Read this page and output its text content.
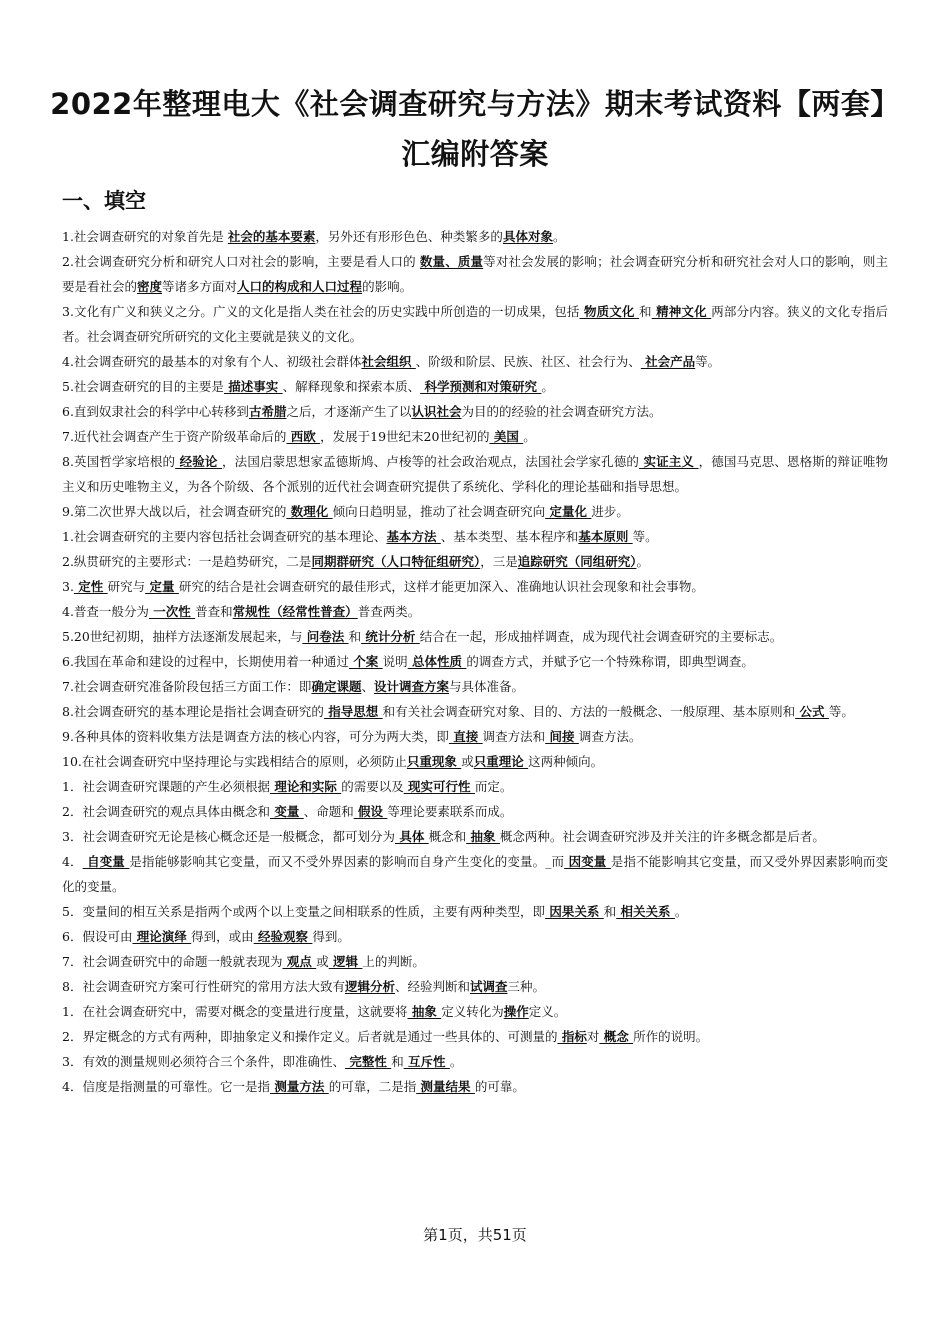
2022年整理电大《社会调查研究与方法》期末考试资料【两套】
汇编附答案
一、填空

1.社会调查研究的对象首先是 社会的基本要素，另外还有形形色色、种类繁多的具体对象。

2.社会调查研究分析和研究人口对社会的影响，主要是看人口的 数量、质量等对社会发展的影响；社会调查研究分析和研究社会对人口的影响，则主要是看社会的密度等诸多方面对人口的构成和人口过程的影响。

3.文化有广义和狭义之分。广义的文化是指人类在社会的历史实践中所创造的一切成果，包括 物质文化 和 精神文化 两部分内容。狭义的文化专指后者。社会调查研究所研究的文化主要就是狭义的文化。

4.社会调查研究的最基本的对象有个人、初级社会群体社会组织 、阶级和阶层、民族、社区、社会行为、 社会产品等。

5.社会调查研究的目的主要是 描述事实 、解释现象和探索本质、 科学预测和对策研究 。

6.直到奴隶社会的科学中心转移到古希腊之后，才逐渐产生了以认识社会为目的的经验的社会调查研究方法。

7.近代社会调查产生于资产阶级革命后的 西欧 ，发展于19世纪末20世纪初的 美国 。

8.英国哲学家培根的 经验论 ，法国启蒙思想家孟德斯鸠、卢梭等的社会政治观点，法国社会学家孔德的 实证主义 ，德国马克思、恩格斯的辩证唯物主义和历史唯物主义，为各个阶级、各个派别的近代社会调查研究提供了系统化、学科化的理论基础和指导思想。

9.第二次世界大战以后，社会调查研究的 数理化 倾向日趋明显，推动了社会调查研究向 定量化 进步。

1.社会调查研究的主要内容包括社会调查研究的基本理论、基本方法 、基本类型、基本程序和基本原则 等。

2.纵贯研究的主要形式：一是趋势研究，二是同期群研究（人口特征组研究），三是追踪研究（同组研究）。

3. 定性 研究与 定量 研究的结合是社会调查研究的最佳形式，这样才能更加深入、准确地认识社会现象和社会事物。

4.普查一般分为 一次性 普查和常规性（经常性普查）普查两类。

5.20世纪初期，抽样方法逐渐发展起来，与 问卷法 和 统计分析 结合在一起，形成抽样调查，成为现代社会调查研究的主要标志。

6.我国在革命和建设的过程中，长期使用着一种通过 个案 说明 总体性质 的调查方式，并赋予它一个特殊称谓，即典型调查。

7.社会调查研究准备阶段包括三方面工作：即确定课题、设计调查方案与具体准备。

8.社会调查研究的基本理论是指社会调查研究的 指导思想 和有关社会调查研究对象、目的、方法的一般概念、一般原理、基本原则和 公式 等。

9.各种具体的资料收集方法是调查方法的核心内容，可分为两大类，即 直接 调查方法和 间接 调查方法。

10.在社会调查研究中坚持理论与实践相结合的原则，必须防止只重现象 或只重理论 这两种倾向。

1．社会调查研究课题的产生必须根据 理论和实际 的需要以及 现实可行性 而定。

2．社会调查研究的观点具体由概念和 变量 、命题和 假设 等理论要素联系而成。

3．社会调查研究无论是核心概念还是一般概念，都可划分为 具体 概念和 抽象 概念两种。社会调查研究涉及并关注的许多概念都是后者。

4． 自变量 是指能够影响其它变量，而又不受外界因素的影响而自身产生变化的变量。_而 因变量 是指不能影响其它变量，而又受外界因素影响而变化的变量。

5．变量间的相互关系是指两个或两个以上变量之间相联系的性质，主要有两种类型，即 因果关系 和 相关关系 。

6．假设可由 理论演绎 得到，或由 经验观察 得到。

7．社会调查研究中的命题一般就表现为 观点 或 逻辑 上的判断。

8．社会调查研究方案可行性研究的常用方法大致有逻辑分析、经验判断和试调查三种。

1．在社会调查研究中，需要对概念的变量进行度量，这就要将 抽象 定义转化为操作定义。

2．界定概念的方式有两种，即抽象定义和操作定义。后者就是通过一些具体的、可测量的 指标对 概念 所作的说明。

3．有效的测量规则必须符合三个条件，即准确性、 完整性 和 互斥性 。

4．信度是指测量的可靠性。它一是指 测量方法 的可靠，二是指 测量结果 的可靠。

第1页，共51页
